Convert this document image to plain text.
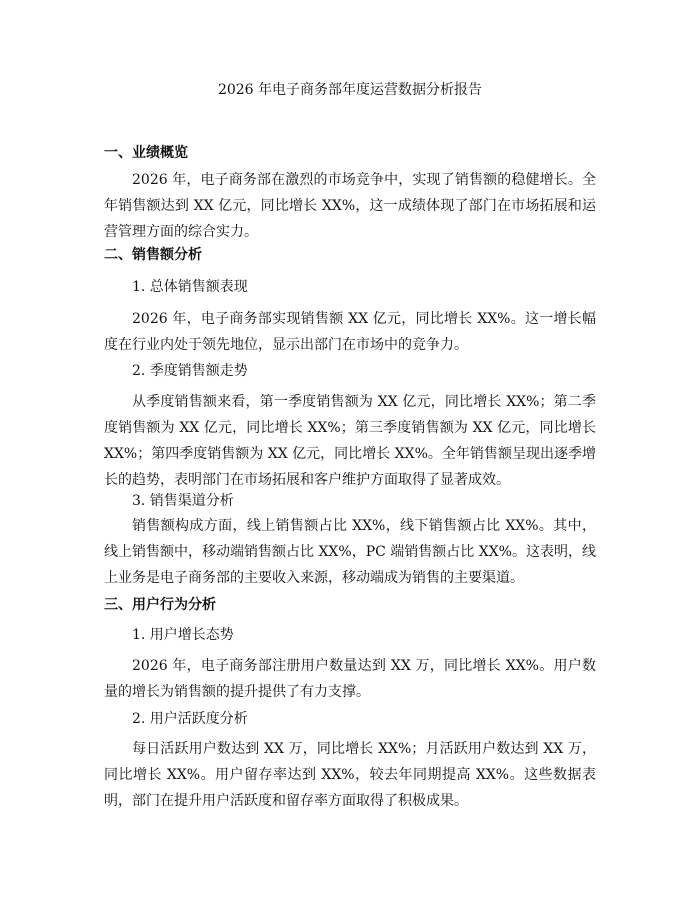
2026 年电子商务部年度运营数据分析报告
一、业绩概览

2026 年，电子商务部在激烈的市场竞争中，实现了销售额的稳健增长。全年销售额达到 XX 亿元，同比增长 XX%，这一成绩体现了部门在市场拓展和运营管理方面的综合实力。

二、销售额分析
1. 总体销售额表现

2026 年，电子商务部实现销售额 XX 亿元，同比增长 XX%。这一增长幅度在行业内处于领先地位，显示出部门在市场中的竞争力。

2. 季度销售额走势

从季度销售额来看，第一季度销售额为 XX 亿元，同比增长 XX%；第二季度销售额为 XX 亿元，同比增长 XX%；第三季度销售额为 XX 亿元，同比增长 XX%；第四季度销售额为 XX 亿元，同比增长 XX%。全年销售额呈现出逐季增长的趋势，表明部门在市场拓展和客户维护方面取得了显著成效。

3. 销售渠道分析

销售额构成方面，线上销售额占比 XX%，线下销售额占比 XX%。其中，线上销售额中，移动端销售额占比 XX%，PC 端销售额占比 XX%。这表明，线上业务是电子商务部的主要收入来源，移动端成为销售的主要渠道。

三、用户行为分析
1. 用户增长态势

2026 年，电子商务部注册用户数量达到 XX 万，同比增长 XX%。用户数量的增长为销售额的提升提供了有力支撑。

2. 用户活跃度分析

每日活跃用户数达到 XX 万，同比增长 XX%；月活跃用户数达到 XX 万，同比增长 XX%。用户留存率达到 XX%，较去年同期提高 XX%。这些数据表明，部门在提升用户活跃度和留存率方面取得了积极成果。
